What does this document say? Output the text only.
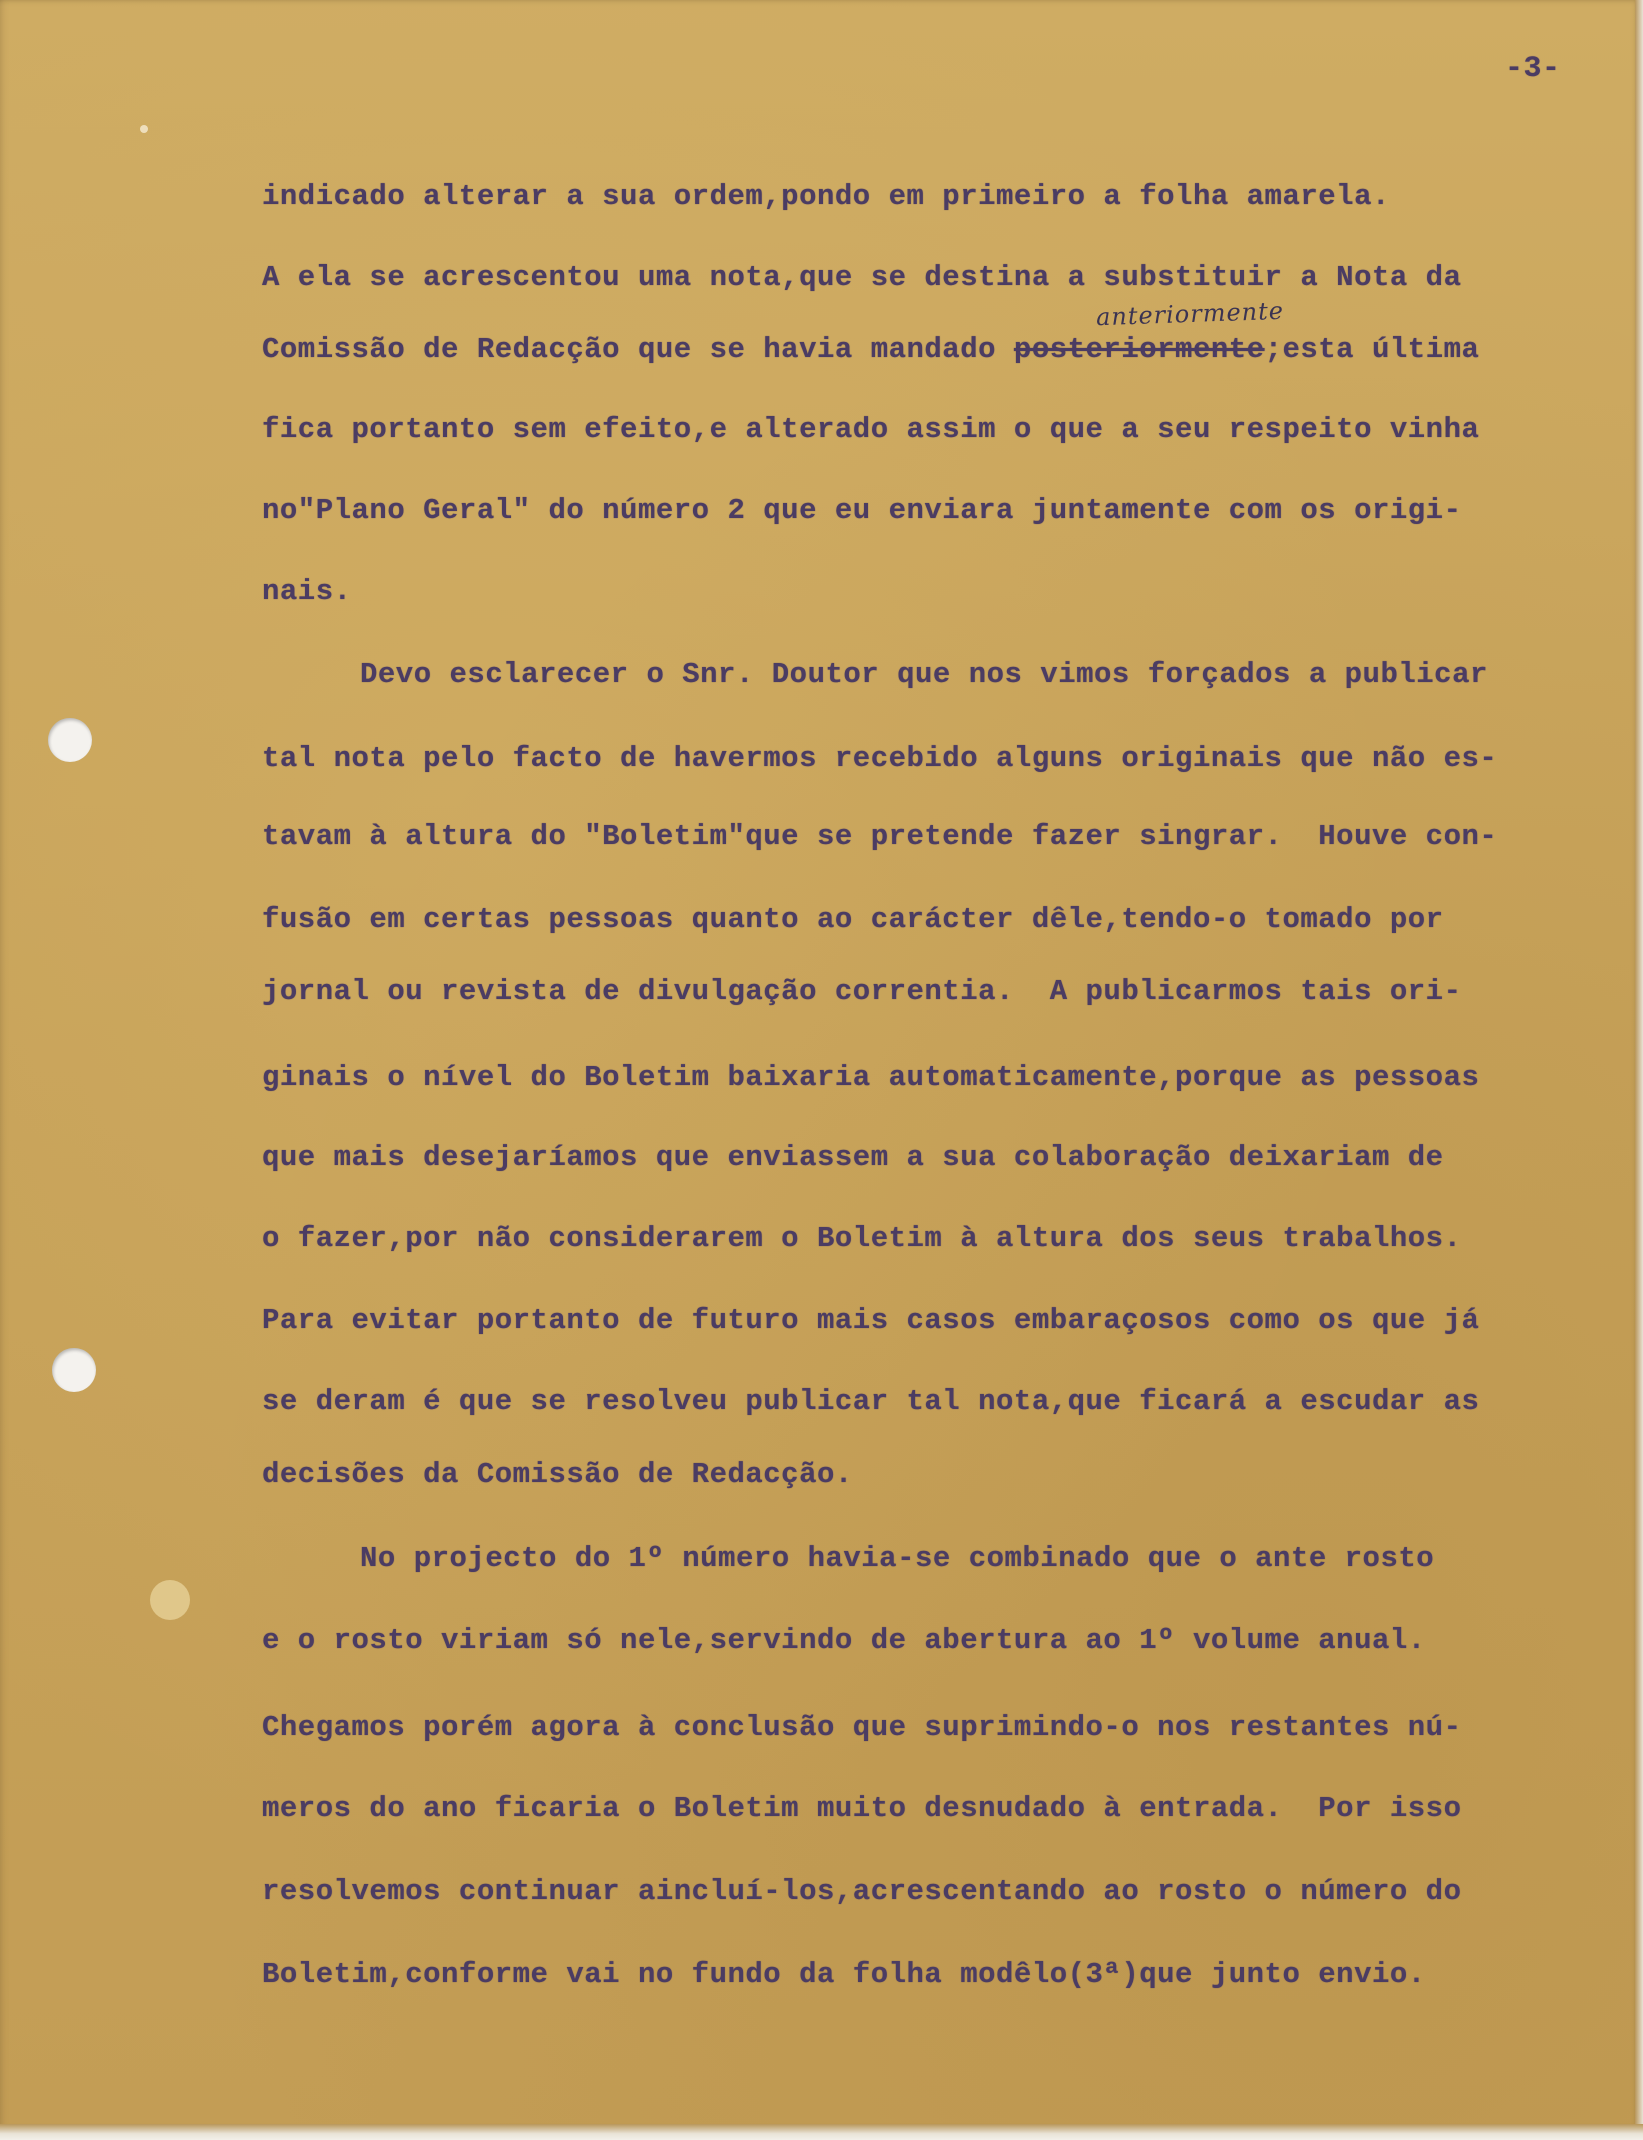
-3-
indicado alterar a sua ordem,pondo em primeiro a folha amarela.
A ela se acrescentou uma nota,que se destina a substituir a Nota da
anteriormente
Comissão de Redacção que se havia mandado posteriormente;esta última
fica portanto sem efeito,e alterado assim o que a seu respeito vinha
no"Plano Geral" do número 2 que eu enviara juntamente com os origi-
nais.
Devo esclarecer o Snr. Doutor que nos vimos forçados a publicar
tal nota pelo facto de havermos recebido alguns originais que não es-
tavam à altura do "Boletim"que se pretende fazer singrar.  Houve con-
fusão em certas pessoas quanto ao carácter dêle,tendo-o tomado por
jornal ou revista de divulgação correntia.  A publicarmos tais ori-
ginais o nível do Boletim baixaria automaticamente,porque as pessoas
que mais desejaríamos que enviassem a sua colaboração deixariam de
o fazer,por não considerarem o Boletim à altura dos seus trabalhos.
Para evitar portanto de futuro mais casos embaraçosos como os que já
se deram é que se resolveu publicar tal nota,que ficará a escudar as
decisões da Comissão de Redacção.
No projecto do 1º número havia-se combinado que o ante rosto
e o rosto viriam só nele,servindo de abertura ao 1º volume anual.
Chegamos porém agora à conclusão que suprimindo-o nos restantes nú-
meros do ano ficaria o Boletim muito desnudado à entrada.  Por isso
resolvemos continuar aincluí-los,acrescentando ao rosto o número do
Boletim,conforme vai no fundo da folha modêlo(3ª)que junto envio.
